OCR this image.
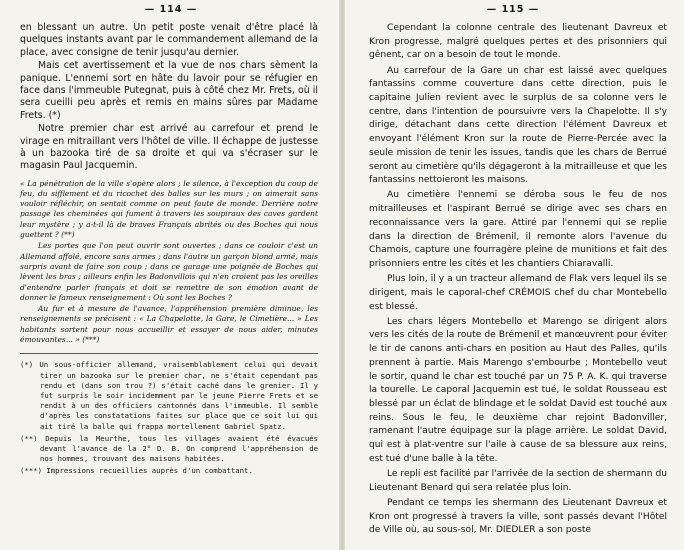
— 114 —

en blessant un autre. Un petit poste venait d'être placé là quelques instants avant par le commandement allemand de la place, avec consigne de tenir jusqu'au dernier.

Mais cet avertissement et la vue de nos chars sèment la panique. L'ennemi sort en hâte du lavoir pour se réfugier en face dans l'immeuble Putegnat, puis à côté chez Mr. Frets, où il sera cueilli peu après et remis en mains sûres par Madame Frets. (*)

Notre premier char est arrivé au carrefour et prend le virage en mitraillant vers l'hôtel de ville. Il échappe de justesse à un bazooka tiré de sa droite et qui va s'écraser sur le magasin Paul Jacquemin.

« La pénétration de la ville s'opère alors ; le silence, à l'exception du coup de feu, du sifflement et du ricochet des balles sur les murs ; on aimerait sans vouloir réfléchir, on sentait comme on peut faute de monde. Derrière notre passage les cheminées qui fument à travers les soupiraux des caves gardent leur mystère ; y a-t-il là de braves Français abrités ou des Boches qui nous guettent ? (**)

Les portes que l'on peut ouvrir sont ouvertes ; dans ce couloir c'est un Allemand affolé, encore sans armes ; dans l'autre un garçon blond armé, mais surpris avant de faire son coup ; dans ce garage une poignée de Boches qui lèvent les bras ; ailleurs enfin les Badonvillois qui n'en croient pas les oreilles d'entendre parler français et doit se remettre de son émotion avant de donner le fameux renseignement : Où sont les Boches ?

Au fur et à mesure de l'avance, l'appréhension première diminue, les renseignements se précisent : « La Chapelotte, la Gare, le Cimetière... » Les habitants sortent pour nous accueillir et essayer de nous aider, minutes émouvantes... » (***)

(*) Un sous-officier allemand, vraisemblablement celui qui devait tirer un bazooka sur le premier char, ne s'était cependant pas rendu et (dans son trou ?) s'était caché dans le grenier. Il y fut surpris le soir incidemment par le jeune Pierre Frets et se rendit à un des officiers cantonnés dans l'immeuble. Il semble d'après les constatations faites sur place que ce soit lui qui ait tiré la balle qui frappa mortellement Gabriel Spatz.

(**) Depuis la Meurthe, tous les villages avaient été évacués devant l'avance de la 2° D. B. On comprend l'appréhension de nos hommes, trouvant des maisons habitées.

(***) Impressions recueillies auprès d'un combattant.

— 115 —

Cependant la colonne centrale des lieutenant Davreux et Kron progresse, malgré quelques pertes et des prisonniers qui gênent, car on a besoin de tout le monde.

Au carrefour de la Gare un char est laissé avec quelques fantassins comme couverture dans cette direction, puis le capitaine Julien revient avec le surplus de sa colonne vers le centre, dans l'intention de poursuivre vers la Chapelotte. Il s'y dirige, détachant dans cette direction l'élément Davreux et envoyant l'élément Kron sur la route de Pierre-Percée avec la seule mission de tenir les issues, tandis que les chars de Berrué seront au cimetière qu'ils dégageront à la mitrailleuse et que les fantassins nettoieront les maisons.

Au cimetière l'ennemi se déroba sous le feu de nos mitrailleuses et l'aspirant Berrué se dirige avec ses chars en reconnaissance vers la gare. Attiré par l'ennemi qui se replie dans la direction de Brémenil, il remonte alors l'avenue du Chamois, capture une fourragère pleine de munitions et fait des prisonniers entre les cités et les chantiers Chiaravalli.

Plus loin, il y a un tracteur allemand de Flak vers lequel ils se dirigent, mais le caporal-chef CRÉMOIS chef du char Montebello est blessé.

Les chars légers Montebello et Marengo se dirigent alors vers les cités de la route de Brémenil et manœuvrent pour éviter le tir de canons anti-chars en position au Haut des Palles, qu'ils prennent à partie. Mais Marengo s'embourbe ; Montebello veut le sortir, quand le char est touché par un 75 P. A. K. qui traverse la tourelle. Le caporal Jacquemin est tué, le soldat Rousseau est blessé par un éclat de blindage et le soldat David est touché aux reins. Sous le feu, le deuxième char rejoint Badonviller, ramenant l'autre équipage sur la plage arrière. Le soldat David, qui est à plat-ventre sur l'aile à cause de sa blessure aux reins, est tué d'une balle à la tête.

Le repli est facilité par l'arrivée de la section de shermann du Lieutenant Benard qui sera relatée plus loin.

Pendant ce temps les shermann des Lieutenant Davreux et Kron ont progressé à travers la ville, sont passés devant l'Hôtel de Ville où, au sous-sol, Mr. DIEDLER a son poste
